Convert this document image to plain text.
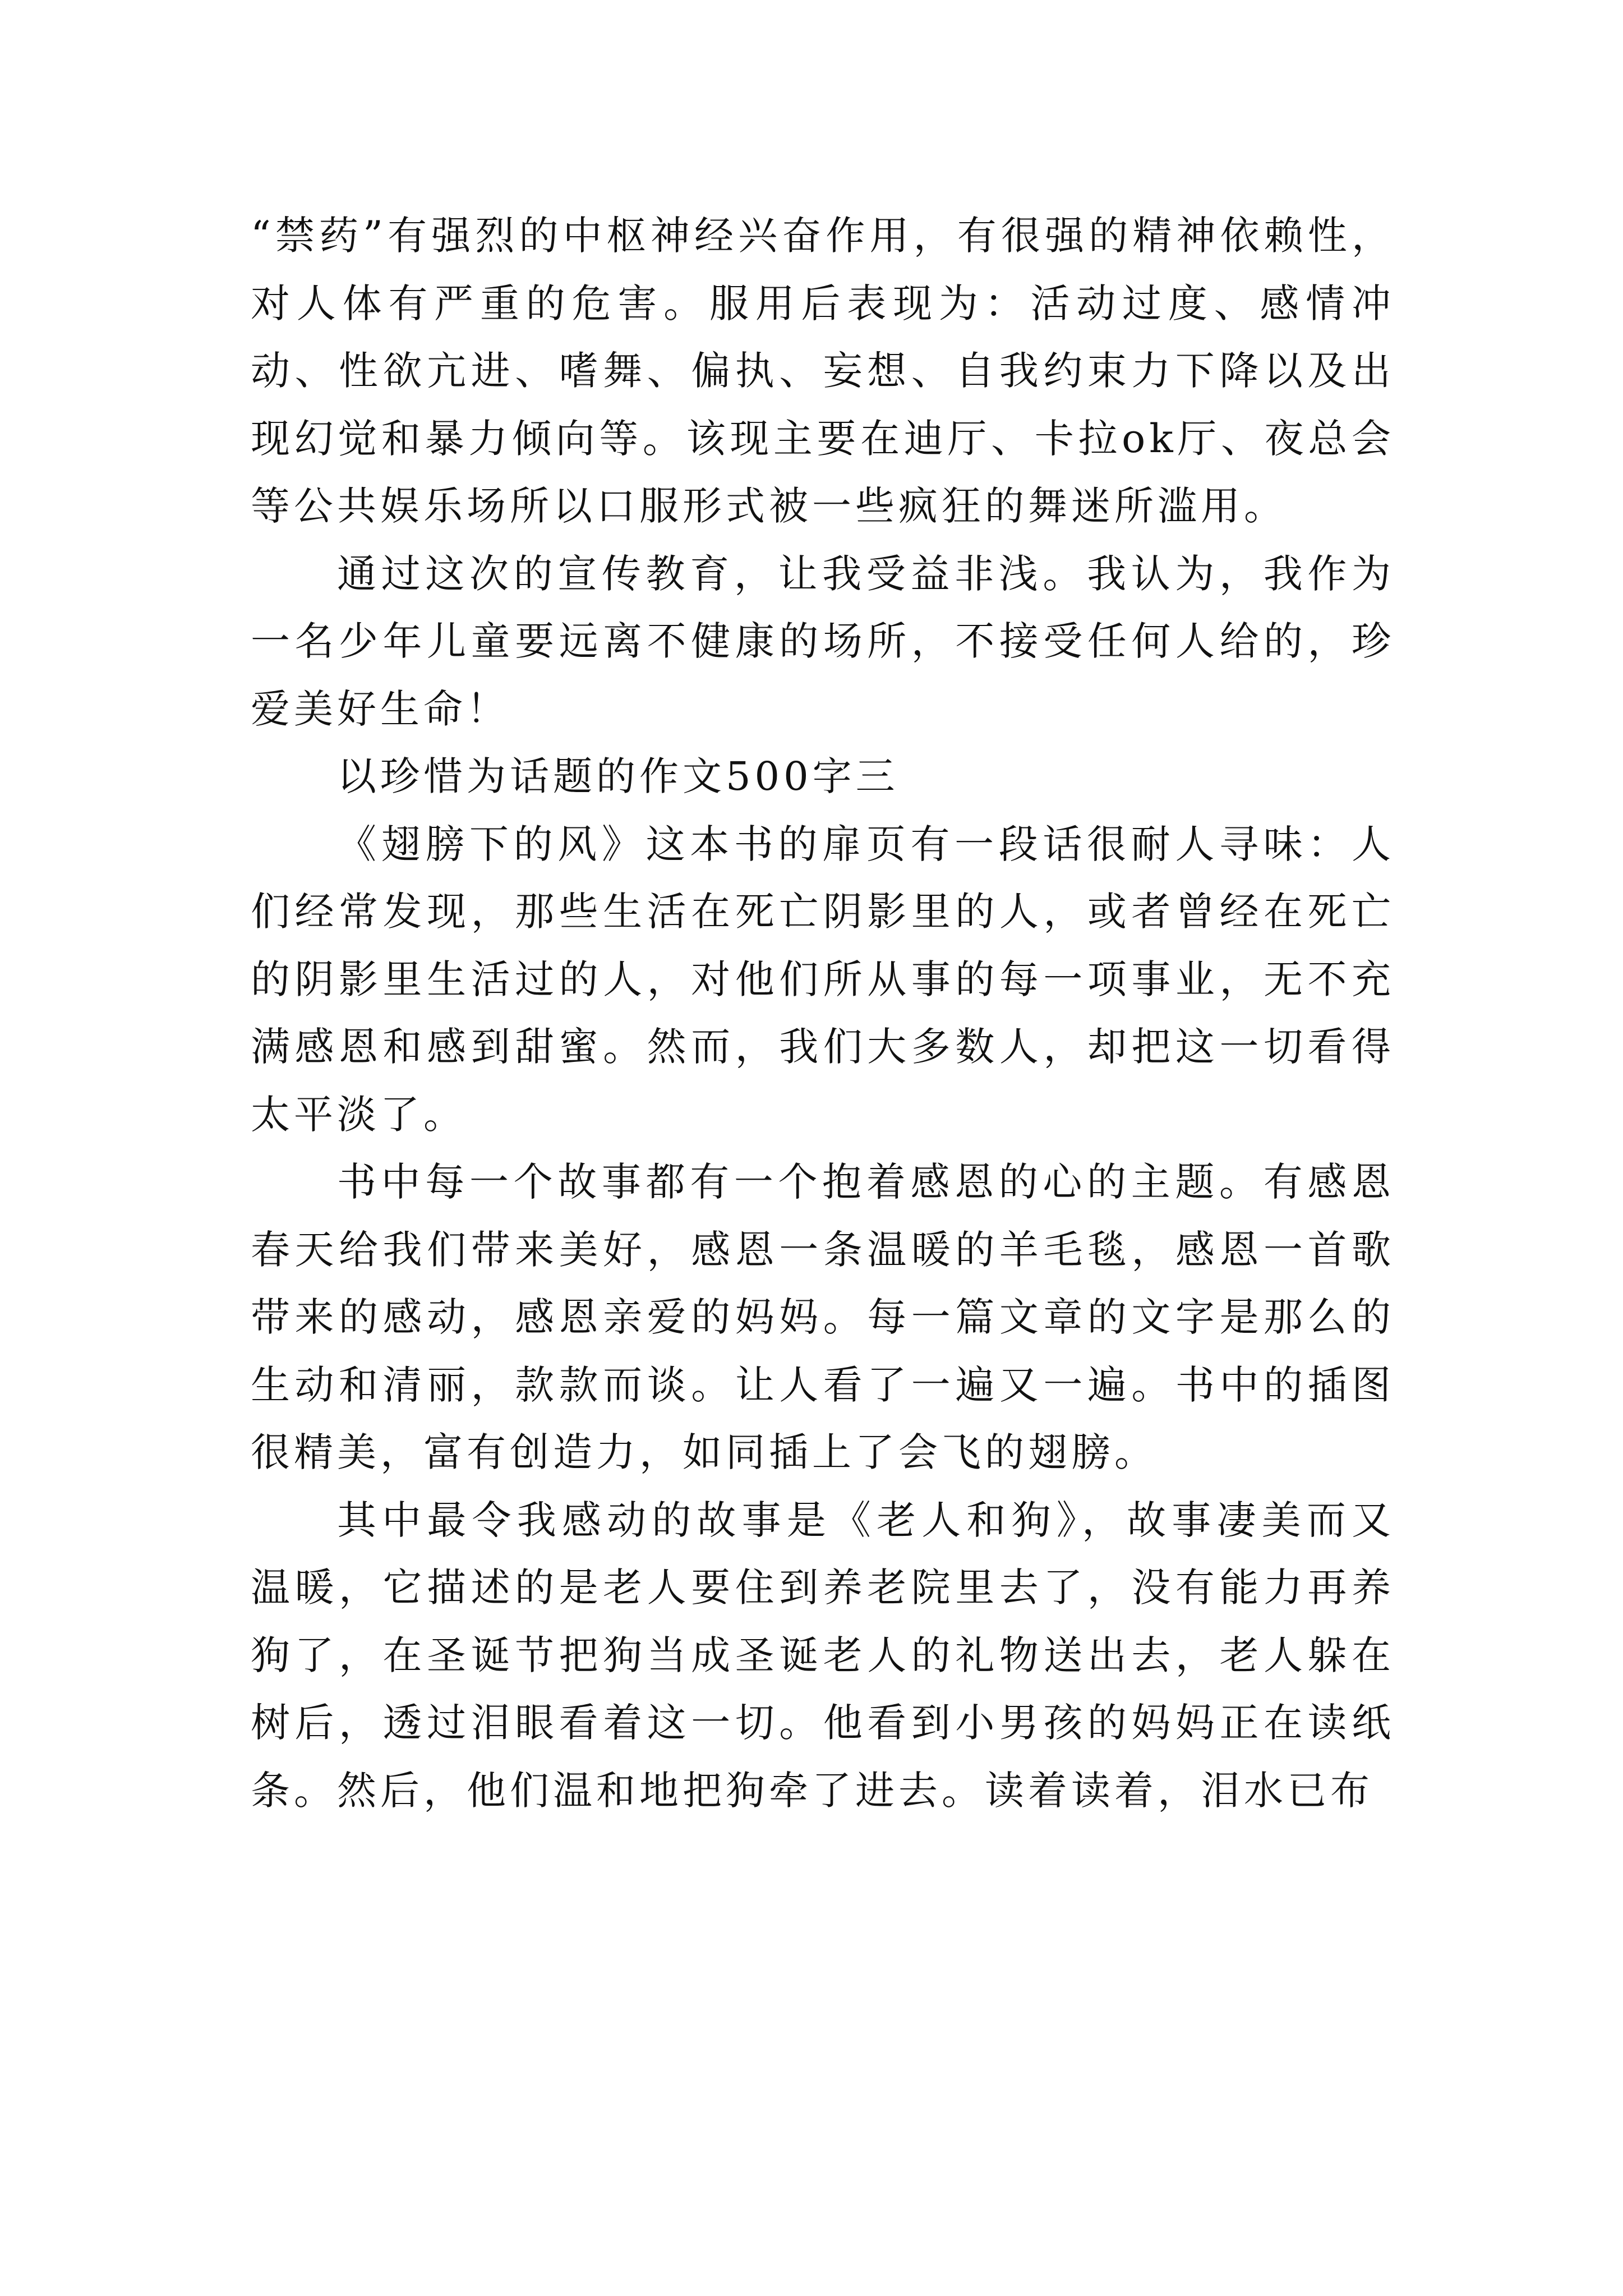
“禁药”有强烈的中枢神经兴奋作用，有很强的精神依赖性，对人体有严重的危害。服用后表现为：活动过度、感情冲动、性欲亢进、嗜舞、偏执、妄想、自我约束力下降以及出现幻觉和暴力倾向等。该现主要在迪厅、卡拉ok厅、夜总会等公共娱乐场所以口服形式被一些疯狂的舞迷所滥用。

通过这次的宣传教育，让我受益非浅。我认为，我作为一名少年儿童要远离不健康的场所，不接受任何人给的，珍爱美好生命！

以珍惜为话题的作文500字三

《翅膀下的风》这本书的扉页有一段话很耐人寻味：人们经常发现，那些生活在死亡阴影里的人，或者曾经在死亡的阴影里生活过的人，对他们所从事的每一项事业，无不充满感恩和感到甜蜜。然而，我们大多数人，却把这一切看得太平淡了。

书中每一个故事都有一个抱着感恩的心的主题。有感恩春天给我们带来美好，感恩一条温暖的羊毛毯，感恩一首歌带来的感动，感恩亲爱的妈妈。每一篇文章的文字是那么的生动和清丽，款款而谈。让人看了一遍又一遍。书中的插图很精美，富有创造力，如同插上了会飞的翅膀。

其中最令我感动的故事是《老人和狗》，故事凄美而又温暖，它描述的是老人要住到养老院里去了，没有能力再养狗了，在圣诞节把狗当成圣诞老人的礼物送出去，老人躲在树后，透过泪眼看着这一切。他看到小男孩的妈妈正在读纸条。然后，他们温和地把狗牵了进去。读着读着，泪水已布
